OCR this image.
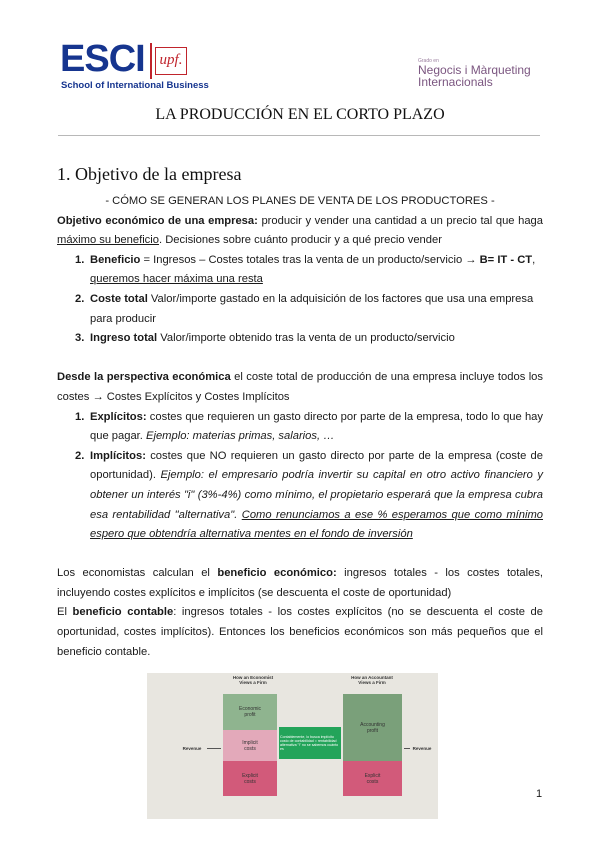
ESCI upf.
School of International Business
Grado en
Negocis i Màrqueting
Internacionals
LA PRODUCCIÓN EN EL CORTO PLAZO
1. Objetivo de la empresa

- CÓMO SE GENERAN LOS PLANES DE VENTA DE LOS PRODUCTORES -

Objetivo económico de una empresa: producir y vender una cantidad a un precio tal que haga máximo su beneficio. Decisiones sobre cuánto producir y a qué precio vender

1. Beneficio = Ingresos – Costes totales tras la venta de un producto/servicio → B= IT - CT, queremos hacer máxima una resta
2. Coste total Valor/importe gastado en la adquisición de los factores que usa una empresa para producir
3. Ingreso total Valor/importe obtenido tras la venta de un producto/servicio

Desde la perspectiva económica el coste total de producción de una empresa incluye todos los costes → Costes Explícitos y Costes Implícitos

1. Explícitos: costes que requieren un gasto directo por parte de la empresa, todo lo que hay que pagar. Ejemplo: materias primas, salarios, …
2. Implícitos: costes que NO requieren un gasto directo por parte de la empresa (coste de oportunidad). Ejemplo: el empresario podría invertir su capital en otro activo financiero y obtener un interés "i" (3%-4%) como mínimo, el propietario esperará que la empresa cubra esa rentabilidad "alternativa". Como renunciamos a ese % esperamos que como mínimo espero que obtendría alternativa mentes en el fondo de inversión

Los economistas calculan el beneficio económico: ingresos totales - los costes totales, incluyendo costes explícitos e implícitos (se descuenta el coste de oportunidad)

El beneficio contable: ingresos totales - los costes explícitos (no se descuenta el coste de oportunidad, costes implícitos). Entonces los beneficios económicos son más pequeños que el beneficio contable.

How an Economist
Views a Firm
How an Accountant
Views a Firm
Economic
profit
Implicit
costs
Explicit
costs
Accounting
profit
Explicit
costs
Contablemente, lo busca implícito costo de contabilidad = rentabilidad alternativa "i" no se sabemos cuánto es
Revenue	Revenue
1
